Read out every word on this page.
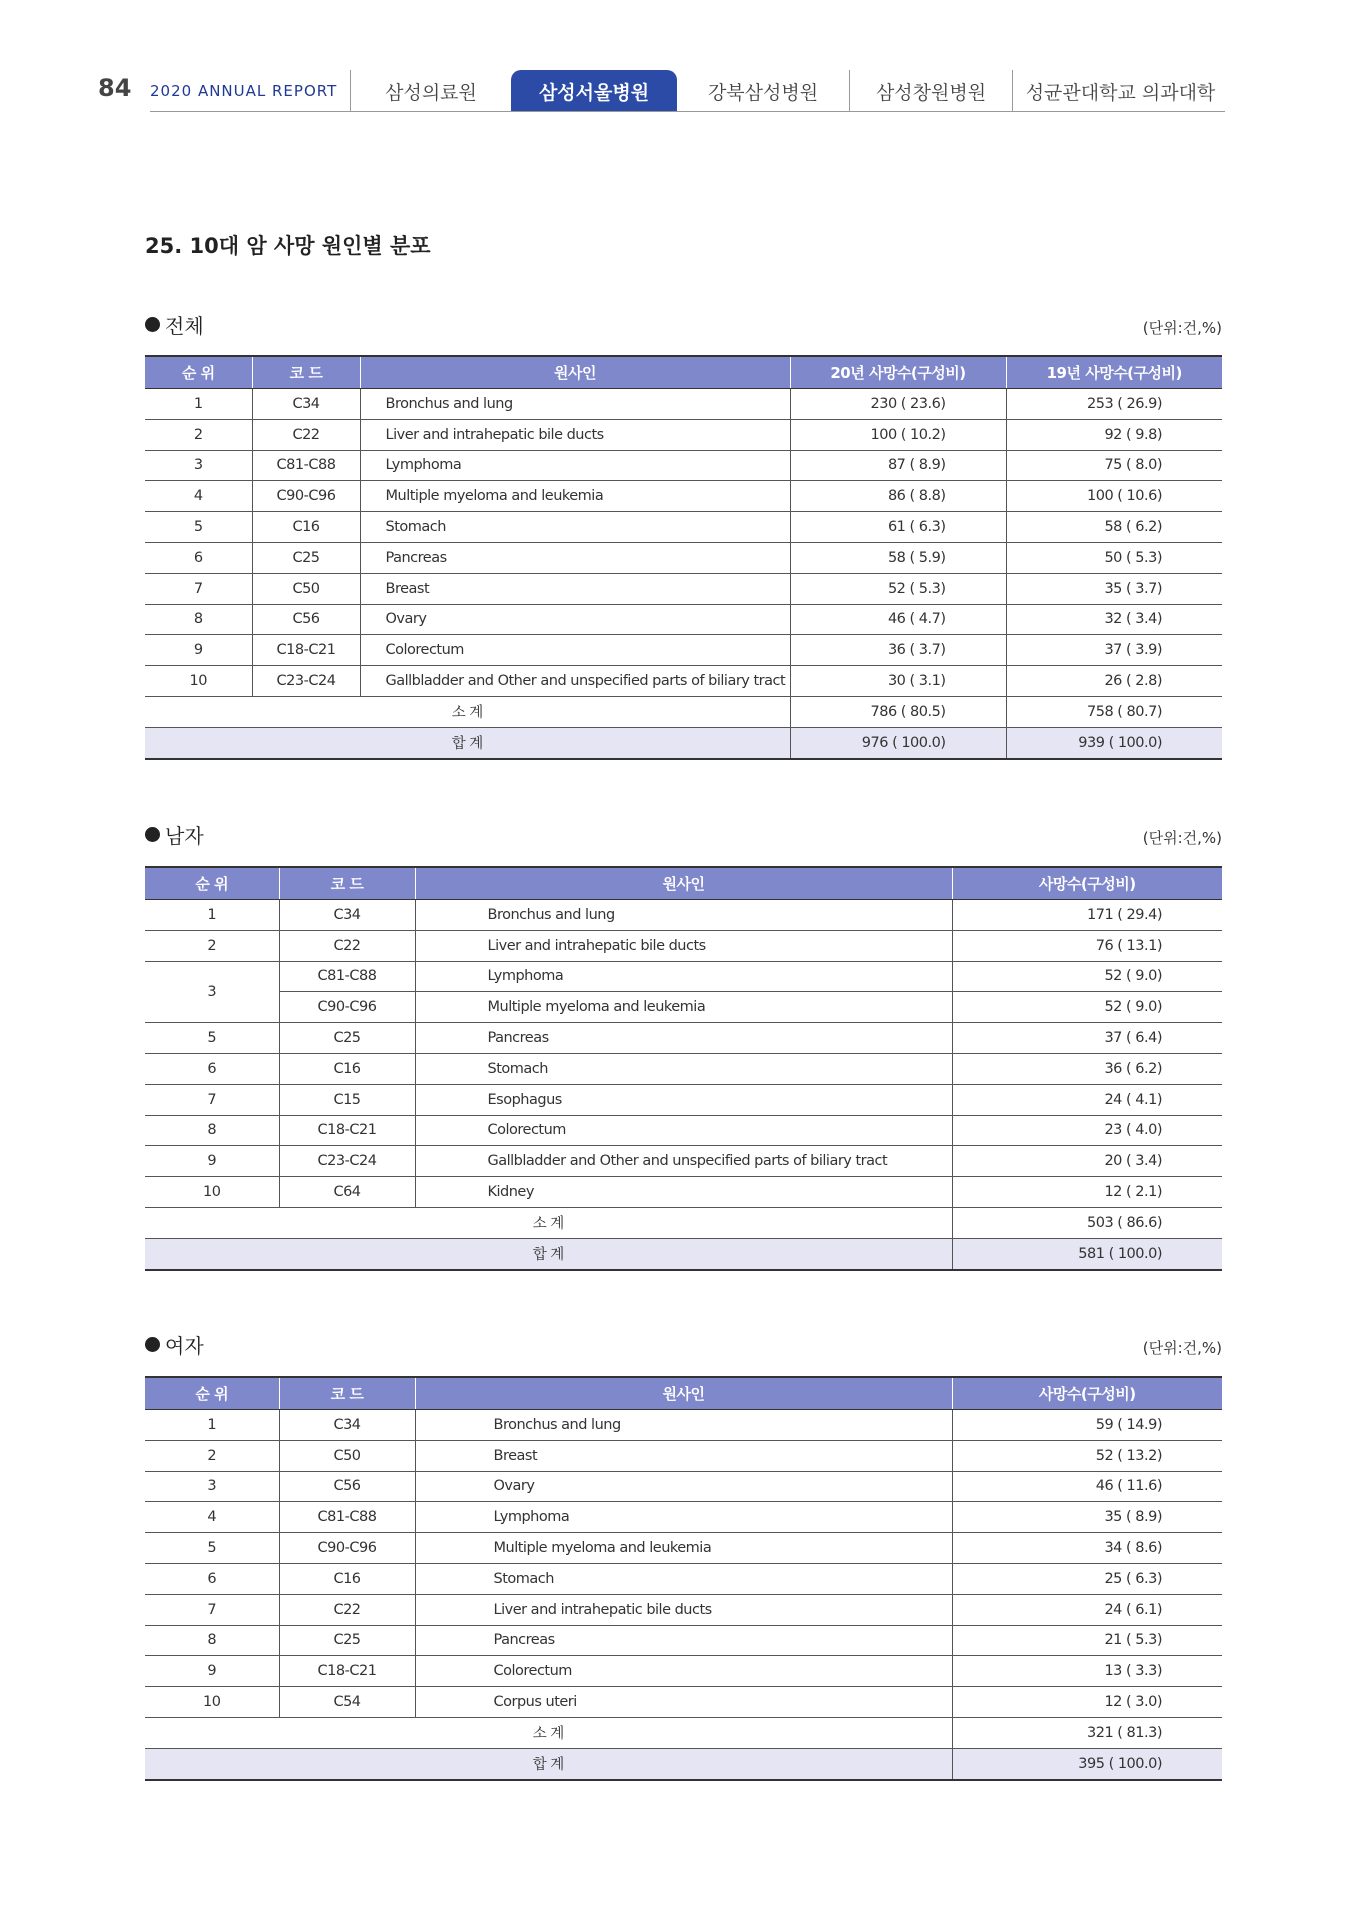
84 2020 ANNUAL REPORT	삼성의료원	삼성서울병원	강북삼성병원	삼성창원병원	성균관대학교 의과대학
25. 10대 암 사망 원인별 분포
전체	(단위:건,%)
순 위	코 드	원사인	20년 사망수(구성비)	19년 사망수(구성비)
1	C34	Bronchus and lung	230 ( 23.6)	253 ( 26.9)
2	C22	Liver and intrahepatic bile ducts	100 ( 10.2)	92 ( 9.8)
3	C81-C88	Lymphoma	87 ( 8.9)	75 ( 8.0)
4	C90-C96	Multiple myeloma and leukemia	86 ( 8.8)	100 ( 10.6)
5	C16	Stomach	61 ( 6.3)	58 ( 6.2)
6	C25	Pancreas	58 ( 5.9)	50 ( 5.3)
7	C50	Breast	52 ( 5.3)	35 ( 3.7)
8	C56	Ovary	46 ( 4.7)	32 ( 3.4)
9	C18-C21	Colorectum	36 ( 3.7)	37 ( 3.9)
10	C23-C24	Gallbladder and Other and unspecified parts of biliary tract	30 ( 3.1)	26 ( 2.8)
소 계			786 ( 80.5)	758 ( 80.7)
합 계			976 ( 100.0)	939 ( 100.0)
남자	(단위:건,%)
순 위	코 드	원사인	사망수(구성비)
1	C34	Bronchus and lung	171 ( 29.4)
2	C22	Liver and intrahepatic bile ducts	76 ( 13.1)
3	C81-C88	Lymphoma	52 ( 9.0)
	C90-C96	Multiple myeloma and leukemia	52 ( 9.0)
5	C25	Pancreas	37 ( 6.4)
6	C16	Stomach	36 ( 6.2)
7	C15	Esophagus	24 ( 4.1)
8	C18-C21	Colorectum	23 ( 4.0)
9	C23-C24	Gallbladder and Other and unspecified parts of biliary tract	20 ( 3.4)
10	C64	Kidney	12 ( 2.1)
소 계			503 ( 86.6)
합 계			581 ( 100.0)
여자	(단위:건,%)
순 위	코 드	원사인	사망수(구성비)
1	C34	Bronchus and lung	59 ( 14.9)
2	C50	Breast	52 ( 13.2)
3	C56	Ovary	46 ( 11.6)
4	C81-C88	Lymphoma	35 ( 8.9)
5	C90-C96	Multiple myeloma and leukemia	34 ( 8.6)
6	C16	Stomach	25 ( 6.3)
7	C22	Liver and intrahepatic bile ducts	24 ( 6.1)
8	C25	Pancreas	21 ( 5.3)
9	C18-C21	Colorectum	13 ( 3.3)
10	C54	Corpus uteri	12 ( 3.0)
소 계			321 ( 81.3)
합 계			395 ( 100.0)
